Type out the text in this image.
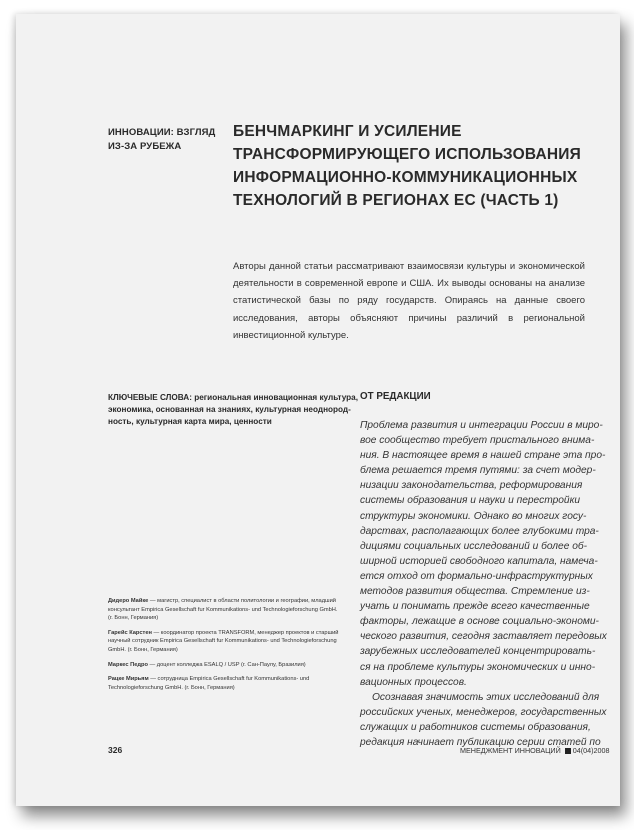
ИННОВАЦИИ: ВЗГЛЯД
ИЗ-ЗА РУБЕЖА
БЕНЧМАРКИНГ И УСИЛЕНИЕ
ТРАНСФОРМИРУЮЩЕГО ИСПОЛЬЗОВАНИЯ
ИНФОРМАЦИОННО-КОММУНИКАЦИОННЫХ
ТЕХНОЛОГИЙ В РЕГИОНАХ ЕС (ЧАСТЬ 1)

Авторы данной статьи рассматривают взаимосвязи культуры и экономической деятельности в современной европе и США. Их выводы основаны на анализе статистической базы по ряду государств. Опираясь на данные своего исследования, авторы объясняют причины различий в региональной инвестиционной культуре.

КЛЮЧЕВЫЕ СЛОВА: региональная инновационная культура,
экономика, основанная на знаниях, культурная неоднород-
ность, культурная карта мира, ценности
Дидеро Майке — магистр, специалист в области политологии и географии, младший
консультант Empirica Gesellschaft fur Kommunikations- und Technologieforschung GmbH.
(г. Бонн, Германия)
Гарейс Карстен — координатор проекта TRANSFORM, менеджер проектов и старший
научный сотрудник Empirica Gesellschaft fur Kommunikations- und Technologieforschung
GmbH. (г. Бонн, Германия)
Маркес Педро — доцент колледжа ESALQ / USP (г. Сан-Паулу, Бразилия)
Рацке Мирьям — сотрудница Empirica Gesellschaft fur Kommunikations- und
Technologieforschung GmbH. (г. Бонн, Германия)
ОТ РЕДАКЦИИ
Проблема развития и интеграции России в миро-
вое сообщество требует пристального внима-
ния. В настоящее время в нашей стране эта про-
блема решается тремя путями: за счет модер-
низации законодательства, реформирования
системы образования и науки и перестройки
структуры экономики. Однако во многих госу-
дарствах, располагающих более глубокими тра-
дициями социальных исследований и более об-
ширной историей свободного капитала, намеча-
ется отход от формально-инфраструктурных
методов развития общества. Стремление из-
учать и понимать прежде всего качественные
факторы, лежащие в основе социально-экономи-
ческого развития, сегодня заставляет передовых
зарубежных исследователей концентрировать-
ся на проблеме культуры экономических и инно-
вационных процессов.
Осознавая значимость этих исследований для
российских ученых, менеджеров, государственных
служащих и работников системы образования,
редакция начинает публикацию серии статей по
326	МЕНЕДЖМЕНТ ИННОВАЦИЙ 04(04)2008
